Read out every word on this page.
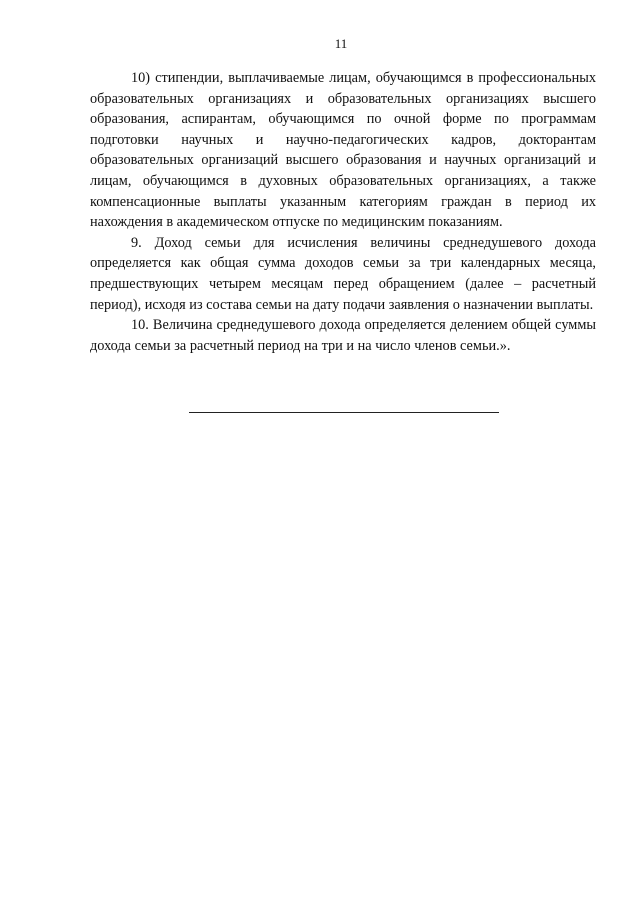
11

10) стипендии, выплачиваемые лицам, обучающимся в профессиональных образовательных организациях и образовательных организациях высшего образования, аспирантам, обучающимся по очной форме по программам подготовки научных и научно-педагогических кадров, докторантам образовательных организаций высшего образования и научных организаций и лицам, обучающимся в духовных образовательных организациях, а также компенсационные выплаты указанным категориям граждан в период их нахождения в академическом отпуске по медицинским показаниям.

9. Доход семьи для исчисления величины среднедушевого дохода определяется как общая сумма доходов семьи за три календарных месяца, предшествующих четырем месяцам перед обращением (далее – расчетный период), исходя из состава семьи на дату подачи заявления о назначении выплаты.

10. Величина среднедушевого дохода определяется делением общей суммы дохода семьи за расчетный период на три и на число членов семьи.».
